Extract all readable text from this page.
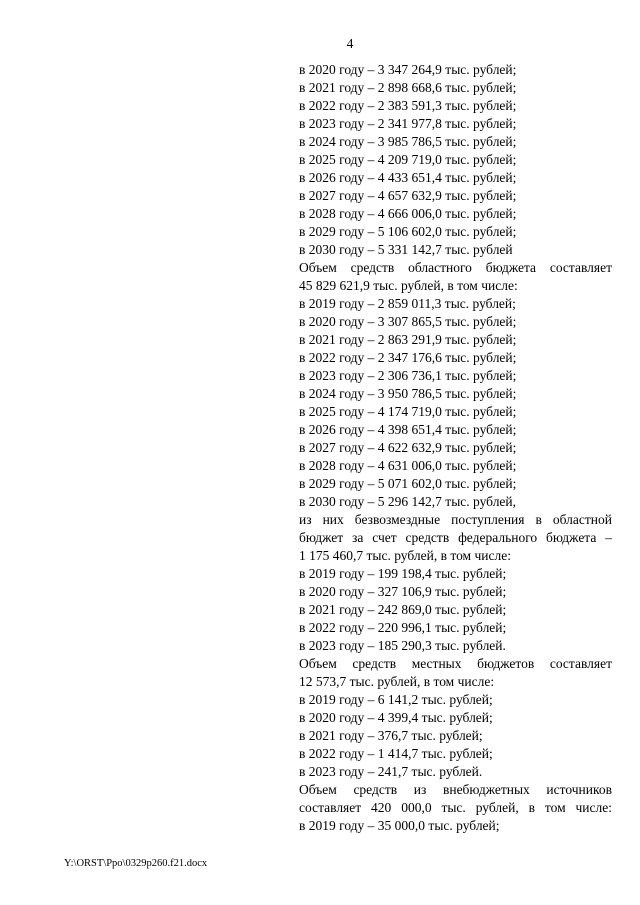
4
в 2020 году – 3 347 264,9 тыс. рублей;
в 2021 году – 2 898 668,6 тыс. рублей;
в 2022 году – 2 383 591,3 тыс. рублей;
в 2023 году – 2 341 977,8 тыс. рублей;
в 2024 году – 3 985 786,5 тыс. рублей;
в 2025 году – 4 209 719,0 тыс. рублей;
в 2026 году – 4 433 651,4 тыс. рублей;
в 2027 году – 4 657 632,9 тыс. рублей;
в 2028 году – 4 666 006,0 тыс. рублей;
в 2029 году – 5 106 602,0 тыс. рублей;
в 2030 году – 5 331 142,7 тыс. рублей
Объем средств областного бюджета составляет
45 829 621,9 тыс. рублей, в том числе:
в 2019 году – 2 859 011,3 тыс. рублей;
в 2020 году – 3 307 865,5 тыс. рублей;
в 2021 году – 2 863 291,9 тыс. рублей;
в 2022 году – 2 347 176,6 тыс. рублей;
в 2023 году – 2 306 736,1 тыс. рублей;
в 2024 году – 3 950 786,5 тыс. рублей;
в 2025 году – 4 174 719,0 тыс. рублей;
в 2026 году – 4 398 651,4 тыс. рублей;
в 2027 году – 4 622 632,9 тыс. рублей;
в 2028 году – 4 631 006,0 тыс. рублей;
в 2029 году – 5 071 602,0 тыс. рублей;
в 2030 году – 5 296 142,7 тыс. рублей,
из них безвозмездные поступления в областной
бюджет за счет средств федерального бюджета –
1 175 460,7 тыс. рублей, в том числе:
в 2019 году – 199 198,4 тыс. рублей;
в 2020 году – 327 106,9 тыс. рублей;
в 2021 году – 242 869,0 тыс. рублей;
в 2022 году – 220 996,1 тыс. рублей;
в 2023 году – 185 290,3 тыс. рублей.
Объем средств местных бюджетов составляет
12 573,7 тыс. рублей, в том числе:
в 2019 году – 6 141,2 тыс. рублей;
в 2020 году – 4 399,4 тыс. рублей;
в 2021 году – 376,7 тыс. рублей;
в 2022 году – 1 414,7 тыс. рублей;
в 2023 году – 241,7 тыс. рублей.
Объем средств из внебюджетных источников
составляет 420 000,0 тыс. рублей, в том числе:
в 2019 году – 35 000,0 тыс. рублей;
Y:\ORST\Ppo\0329p260.f21.docx
